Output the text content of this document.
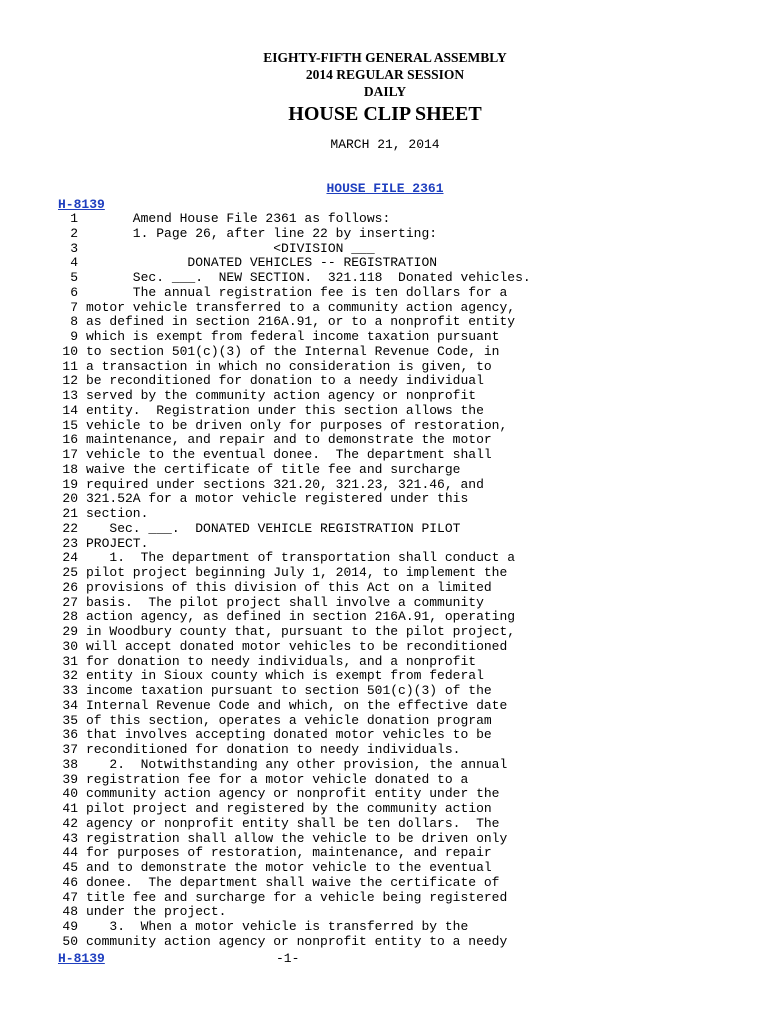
EIGHTY-FIFTH GENERAL ASSEMBLY
2014 REGULAR SESSION
DAILY
HOUSE CLIP SHEET
MARCH 21, 2014
HOUSE FILE 2361
H-8139
1 Amend House File 2361 as follows:
2 1. Page 26, after line 22 by inserting:
3 <DIVISION ___
4 DONATED VEHICLES -- REGISTRATION
5 Sec. ___.  NEW SECTION.  321.118  Donated vehicles.
6 The annual registration fee is ten dollars for a
7 motor vehicle transferred to a community action agency,
8 as defined in section 216A.91, or to a nonprofit entity
9 which is exempt from federal income taxation pursuant
10 to section 501(c)(3) of the Internal Revenue Code, in
11 a transaction in which no consideration is given, to
12 be reconditioned for donation to a needy individual
13 served by the community action agency or nonprofit
14 entity.  Registration under this section allows the
15 vehicle to be driven only for purposes of restoration,
16 maintenance, and repair and to demonstrate the motor
17 vehicle to the eventual donee.  The department shall
18 waive the certificate of title fee and surcharge
19 required under sections 321.20, 321.23, 321.46, and
20 321.52A for a motor vehicle registered under this
21 section.
22 Sec. ___.  DONATED VEHICLE REGISTRATION PILOT
23 PROJECT.
24 1.  The department of transportation shall conduct a
25 pilot project beginning July 1, 2014, to implement the
26 provisions of this division of this Act on a limited
27 basis.  The pilot project shall involve a community
28 action agency, as defined in section 216A.91, operating
29 in Woodbury county that, pursuant to the pilot project,
30 will accept donated motor vehicles to be reconditioned
31 for donation to needy individuals, and a nonprofit
32 entity in Sioux county which is exempt from federal
33 income taxation pursuant to section 501(c)(3) of the
34 Internal Revenue Code and which, on the effective date
35 of this section, operates a vehicle donation program
36 that involves accepting donated motor vehicles to be
37 reconditioned for donation to needy individuals.
38 2.  Notwithstanding any other provision, the annual
39 registration fee for a motor vehicle donated to a
40 community action agency or nonprofit entity under the
41 pilot project and registered by the community action
42 agency or nonprofit entity shall be ten dollars.  The
43 registration shall allow the vehicle to be driven only
44 for purposes of restoration, maintenance, and repair
45 and to demonstrate the motor vehicle to the eventual
46 donee.  The department shall waive the certificate of
47 title fee and surcharge for a vehicle being registered
48 under the project.
49 3.  When a motor vehicle is transferred by the
50 community action agency or nonprofit entity to a needy
H-8139	-1-
